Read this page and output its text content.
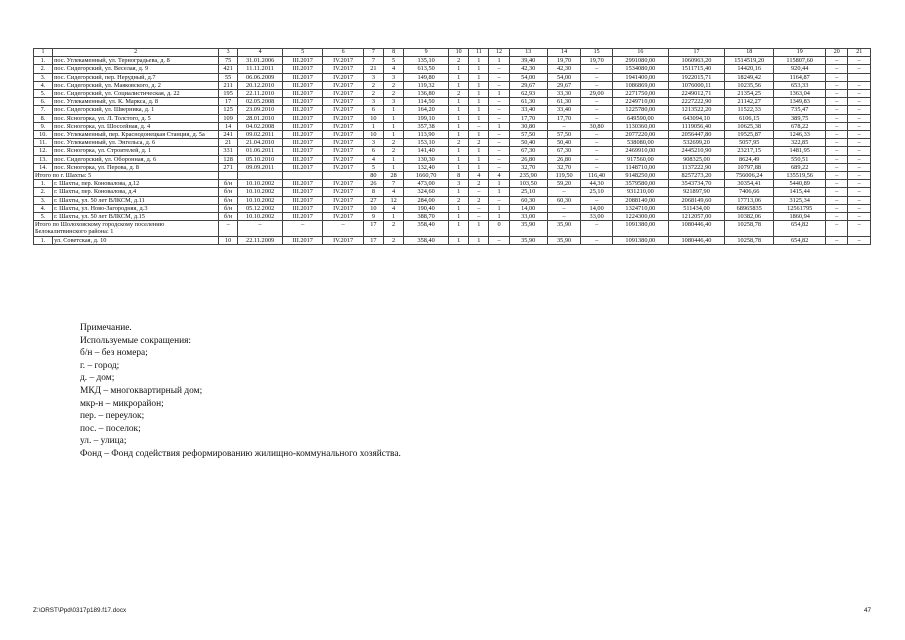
1	2	3	4	5	6	7	8	9	10	11	12	13	14	15	16	17	18	19	20	21
1.	пос. Углекаменный, ул. Терноградьева, д. 8	75	31.01.2006	III.2017	IV.2017	7	5	135,10	2	1	1	39,40	19,70	19,70	2991080,00	1060963,20	1514519,20	115807,60	–	–
2.	пос. Сидегорский, ул. Веселая, д. 9	421	11.11.2011	III.2017	IV.2017	21	4	613,50	1	1	–	42,30	42,30	–	1534080,00	1511715,40	14420,16	920,44	–	–
3.	пос. Сидегорский, пер. Нерудный, д.7	55	06.06.2009	III.2017	IV.2017	3	3	149,80	1	1	–	54,00	54,00	–	1941400,00	1922015,71	18249,42	1164,87	–	
4.	пос. Сидегорский, ул. Маяковского, д. 2	211	20.12.2010	III.2017	IV.2017	2	2	119,32	1	1	–	29,67	29,67	–	1086869,00	1076000,11	10235,56	653,33	–	–
5.	пос. Сидегорский, ул. Социалистическая, д. 22	195	22.11.2010	III.2017	IV.2017	2	2	136,80	2	1	1	62,93	33,30	29,00	2271750,00	2249012,71	21354,25	1363,04	–	–
6.	пос. Углекаменный, ул. К. Маркса, д. 8	17	02.05.2008	III.2017	IV.2017	3	3	114,50	1	1	–	61,30	61,30	–	2249710,00	2227222,90	21142,27	1349,83	–	–
7.	пос. Сидегорский, ул. Шверника, д. 1	125	23.09.2010	III.2017	IV.2017	6	1	164,20	1	1	–	33,40	33,40	–	1225780,00	1213522,20	11522,33	735,47	–	–
8.	пос. Ясногорка, ул. Л. Толстого, д. 5	109	28.01.2010	III.2017	IV.2017	10	1	199,10	1	1	–	17,70	17,70	–	649590,00	643094,10	6106,15	389,75	–	–
9.	пос. Ясногорка, ул. Шоссейная, д. 4	14	04.02.2008	III.2017	IV.2017	1	1	357,38	1	–	1	30,80	–	30,80	1130360,00	1119056,40	10625,38	678,22	–	–
10.	пос. Углекаменный, пер. Краснодонецкая Станция, д. 5а	241	09.02.2011	III.2017	IV.2017	10	1	113,90	1	1	–	57,50	57,50	–	2077220,00	2056447,80	19525,87	1246,33	–	–
11.	пос. Углекаменный, ул. Энгельса, д. 6	21	21.04.2010	III.2017	IV.2017	3	2	153,10	2	2	–	50,40	50,40	–	538080,00	532699,20	5057,95	322,85	–	–
12.	пос. Ясногорка, ул. Строителей, д. 1	331	01.06.2011	III.2017	IV.2017	6	2	141,40	1	1	–	67,30	67,30	–	2469910,00	2445210,90	23217,15	1481,95	–	–
13.	пос. Сидегорский, ул. Оборонная, д. 6	128	05.10.2010	III.2017	IV.2017	4	1	130,30	1	1	–	26,80	26,80	–	917560,00	908325,00	8624,49	550,51	–	–
14.	пос. Ясногорка, ул. Перова, д. 8	271	09.09.2011	III.2017	IV.2017	5	1	132,40	1	1	–	32,70	32,70	–	1148710,00	1137222,90	10797,88	689,22	–	–
Итого по г. Шахты: 5						80	28	1660,70	8	4	4	235,90	119,50	116,40	9148250,00	8257273,20	756006,24	135519,56	–	–
1.	г. Шахты, пер. Коновалова, д.12	б/н	10.10.2002	III.2017	IV.2017	26	7	473,00	3	2	1	103,50	59,20	44,30	3579580,00	3543734,70	30354,41	5440,89	–	–
2.	г. Шахты, пер. Коновалова, д.4	б/н	10.10.2002	III.2017	IV.2017	8	4	324,60	1	–	1	25,10	–	25,10	931210,00	921897,90	7406,66	1415,44	–	–
3.	г. Шахты, ул. 50 лет ВЛКСМ, д.11	б/н	10.10.2002	III.2017	IV.2017	27	12	284,00	2	2	–	60,30	60,30	–	2088140,00	2068149,60	17713,06	3125,34	–	–
4.	г. Шахты, ул. Ново-Загородняя, д.3	б/н	05.12.2002	III.2017	IV.2017	10	4	190,40	1	–	1	14,00	–	14,00	1324710,00	511434,00	68965835	12561795	–	–
5.	г. Шахты, ул. 50 лет ВЛКСМ, д.15	б/н	10.10.2002	III.2017	IV.2017	9	1	388,70	1	–	1	33,00	–	33,00	1224300,00	1212057,00	10382,06	1860,94	–	–
Итого по Шолоховскому городскому поселению Белокалитвинского района: 1		–	–	–	–	17	2	358,40	1	1	0	35,90	35,90	–	1091380,00	1080446,40	10258,78	654,82	–	–
1.	ул. Советская, д. 10	10	22.11.2009	III.2017	IV.2017	17	2	358,40	1	1	–	35,90	35,90	–	1091380,00	1080446,40	10258,78	654,82	–	–
Примечание.
Используемые сокращения:
б/н – без номера;
г. – город;
д. – дом;
МКД – многоквартирный дом;
мкр-н – микрорайон;
пер. – переулок;
пос. – поселок;
ул. – улица;
Фонд – Фонд содействия реформированию жилищно-коммунального хозяйства.
Z:\ORST\Ppd\0317p189.f17.docx	47
